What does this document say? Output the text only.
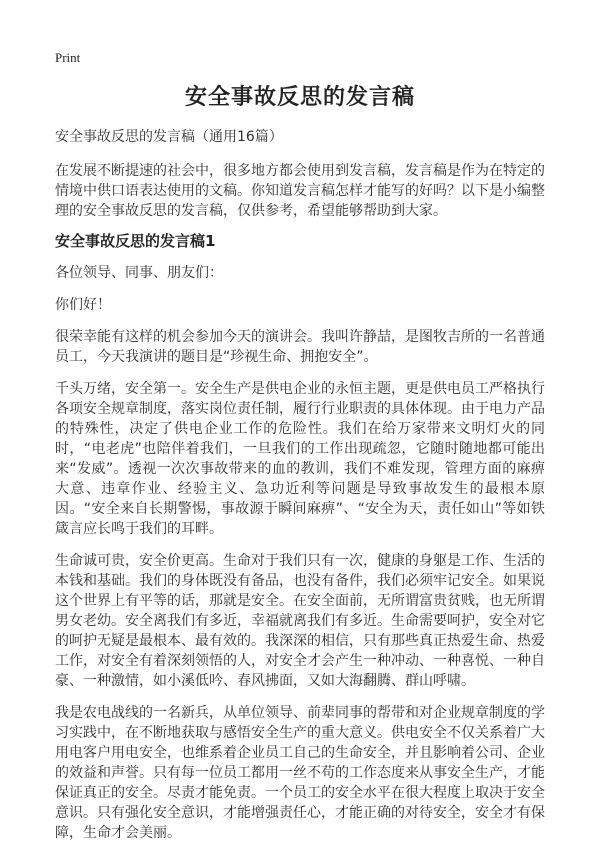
Print
安全事故反思的发言稿

安全事故反思的发言稿（通用16篇）

在发展不断提速的社会中，很多地方都会使用到发言稿，发言稿是作为在特定的情境中供口语表达使用的文稿。你知道发言稿怎样才能写的好吗？以下是小编整理的安全事故反思的发言稿，仅供参考，希望能够帮助到大家。

安全事故反思的发言稿1

各位领导、同事、朋友们：

你们好！

很荣幸能有这样的机会参加今天的演讲会。我叫许静喆，是图牧吉所的一名普通员工，今天我演讲的题目是“珍视生命、拥抱安全”。

千头万绪，安全第一。安全生产是供电企业的永恒主题，更是供电员工严格执行各项安全规章制度，落实岗位责任制，履行行业职责的具体体现。由于电力产品的特殊性，决定了供电企业工作的危险性。我们在给万家带来文明灯火的同时，“电老虎”也陪伴着我们，一旦我们的工作出现疏忽，它随时随地都可能出来“发威”。透视一次次事故带来的血的教训，我们不难发现，管理方面的麻痹大意、违章作业、经验主义、急功近利等问题是导致事故发生的最根本原因。“安全来自长期警惕，事故源于瞬间麻痹”、“安全为天，责任如山”等如铁箴言应长鸣于我们的耳畔。

生命诚可贵，安全价更高。生命对于我们只有一次，健康的身躯是工作、生活的本钱和基础。我们的身体既没有备品，也没有备件，我们必须牢记安全。如果说这个世界上有平等的话，那就是安全。在安全面前，无所谓富贵贫贱，也无所谓男女老幼。安全离我们有多近，幸福就离我们有多近。生命需要呵护，安全对它的呵护无疑是最根本、最有效的。我深深的相信，只有那些真正热爱生命、热爱工作，对安全有着深刻领悟的人，对安全才会产生一种冲动、一种喜悦、一种自豪、一种激情，如小溪低吟、春风拂面，又如大海翻腾、群山呼啸。

我是农电战线的一名新兵，从单位领导、前辈同事的帮带和对企业规章制度的学习实践中，在不断地获取与感悟安全生产的重大意义。供电安全不仅关系着广大用电客户用电安全，也维系着企业员工自己的生命安全，并且影响着公司、企业的效益和声誉。只有每一位员工都用一丝不苟的工作态度来从事安全生产，才能保证真正的安全。尽责才能免责。一个员工的安全水平在很大程度上取决于安全意识。只有强化安全意识，才能增强责任心，才能正确的对待安全，安全才有保障，生命才会美丽。
